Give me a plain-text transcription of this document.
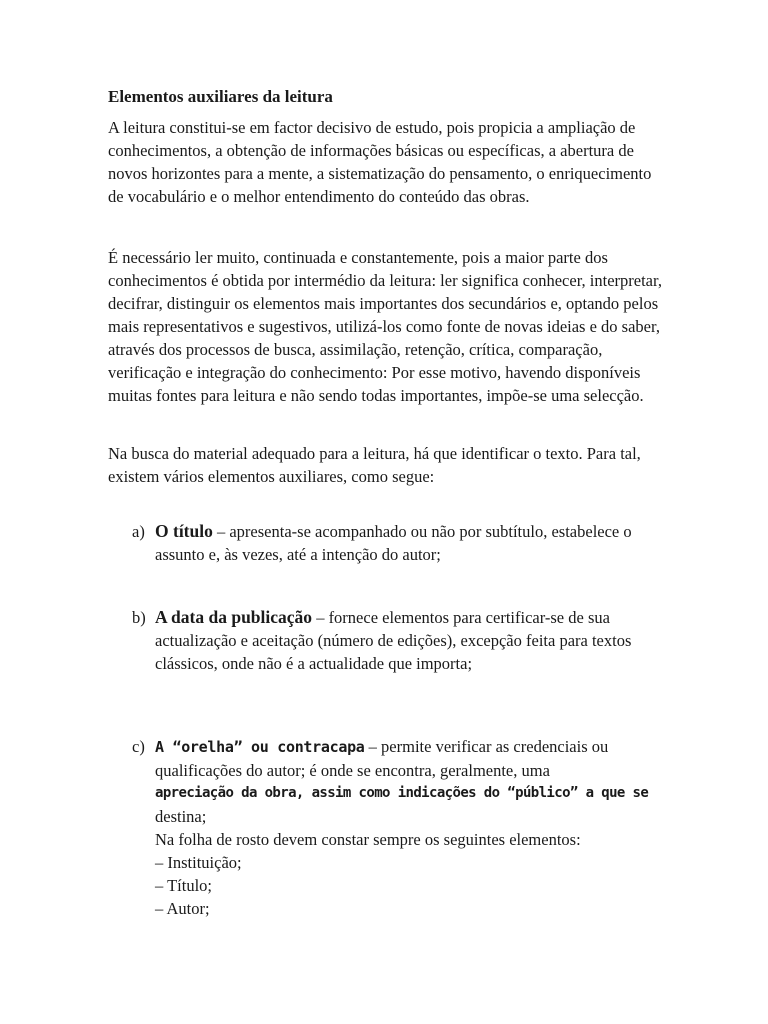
Elementos auxiliares da leitura

A leitura constitui-se em factor decisivo de estudo, pois propicia a ampliação de conhecimentos, a obtenção de informações básicas ou específicas, a abertura de novos horizontes para a mente, a sistematização do pensamento, o enriquecimento de vocabulário e o melhor entendimento do conteúdo das obras.

É necessário ler muito, continuada e constantemente, pois a maior parte dos conhecimentos é obtida por intermédio da leitura: ler significa conhecer, interpretar, decifrar, distinguir os elementos mais importantes dos secundários e, optando pelos mais representativos e sugestivos, utilizá-los como fonte de novas ideias e do saber, através dos processos de busca, assimilação, retenção, crítica, comparação, verificação e integração do conhecimento: Por esse motivo, havendo disponíveis muitas fontes para leitura e não sendo todas importantes, impõe-se uma selecção.

Na busca do material adequado para a leitura, há que identificar o texto. Para tal, existem vários elementos auxiliares, como segue:

a) O título – apresenta-se acompanhado ou não por subtítulo, estabelece o assunto e, às vezes, até a intenção do autor;
b) A data da publicação – fornece elementos para certificar-se de sua actualização e aceitação (número de edições), excepção feita para textos clássicos, onde não é a actualidade que importa;
c) A “orelha” ou contracapa – permite verificar as credenciais ou qualificações do autor; é onde se encontra, geralmente, uma
apreciação da obra, assim como indicações do “público” a que se
destina;
Na folha de rosto devem constar sempre os seguintes elementos:
– Instituição;
– Título;
– Autor;
